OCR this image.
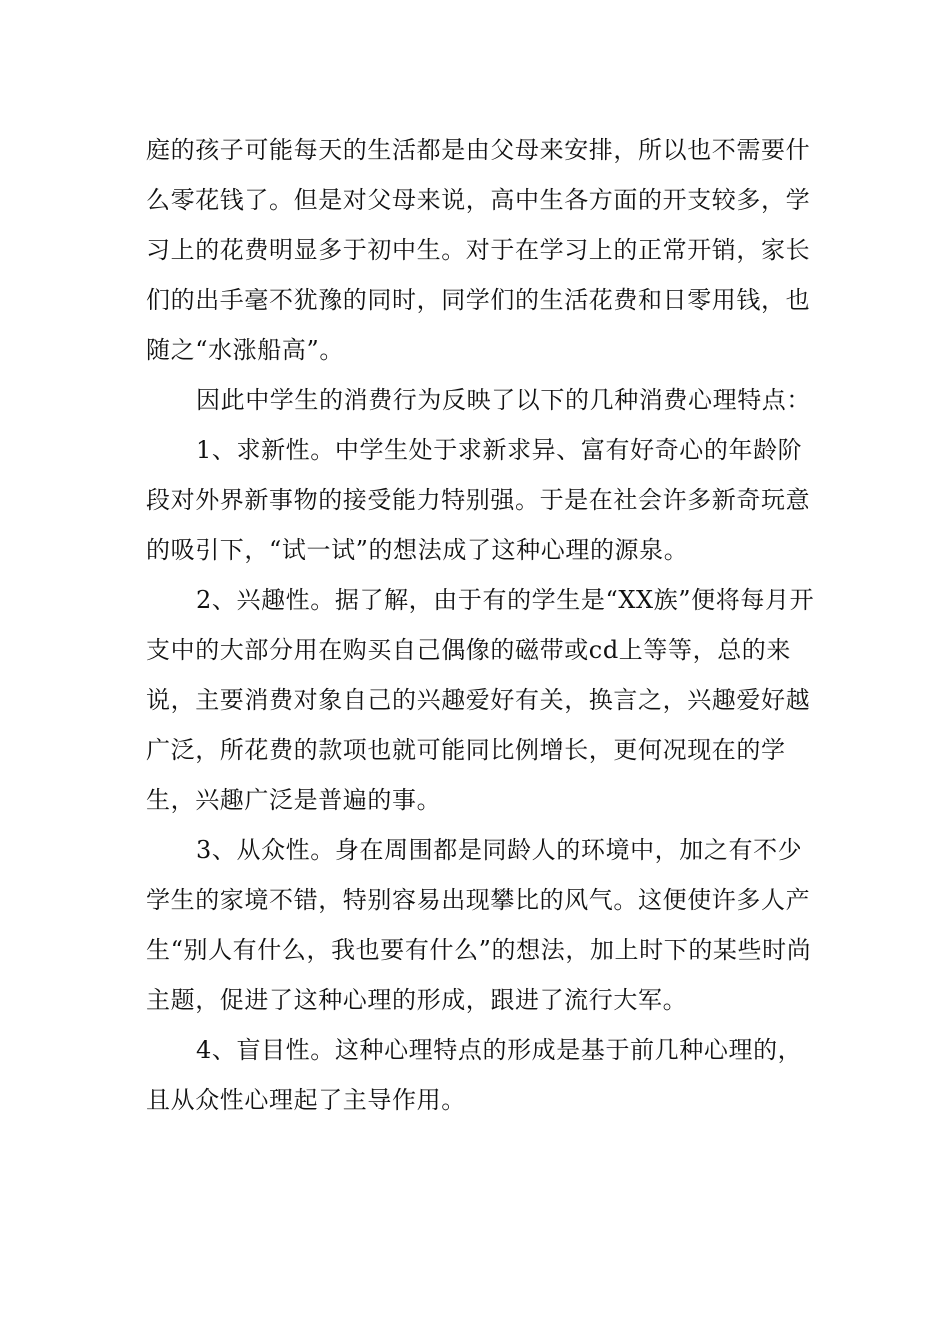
庭的孩子可能每天的生活都是由父母来安排，所以也不需要什么零花钱了。但是对父母来说，高中生各方面的开支较多，学习上的花费明显多于初中生。对于在学习上的正常开销，家长们的出手毫不犹豫的同时，同学们的生活花费和日零用钱，也随之“水涨船高”。

因此中学生的消费行为反映了以下的几种消费心理特点：

1、求新性。中学生处于求新求异、富有好奇心的年龄阶段对外界新事物的接受能力特别强。于是在社会许多新奇玩意的吸引下，“试一试”的想法成了这种心理的源泉。

2、兴趣性。据了解，由于有的学生是“XX族”便将每月开支中的大部分用在购买自己偶像的磁带或cd上等等，总的来说，主要消费对象自己的兴趣爱好有关，换言之，兴趣爱好越广泛，所花费的款项也就可能同比例增长，更何况现在的学生，兴趣广泛是普遍的事。

3、从众性。身在周围都是同龄人的环境中，加之有不少学生的家境不错，特别容易出现攀比的风气。这便使许多人产生“别人有什么，我也要有什么”的想法，加上时下的某些时尚主题，促进了这种心理的形成，跟进了流行大军。

4、盲目性。这种心理特点的形成是基于前几种心理的，且从众性心理起了主导作用。
